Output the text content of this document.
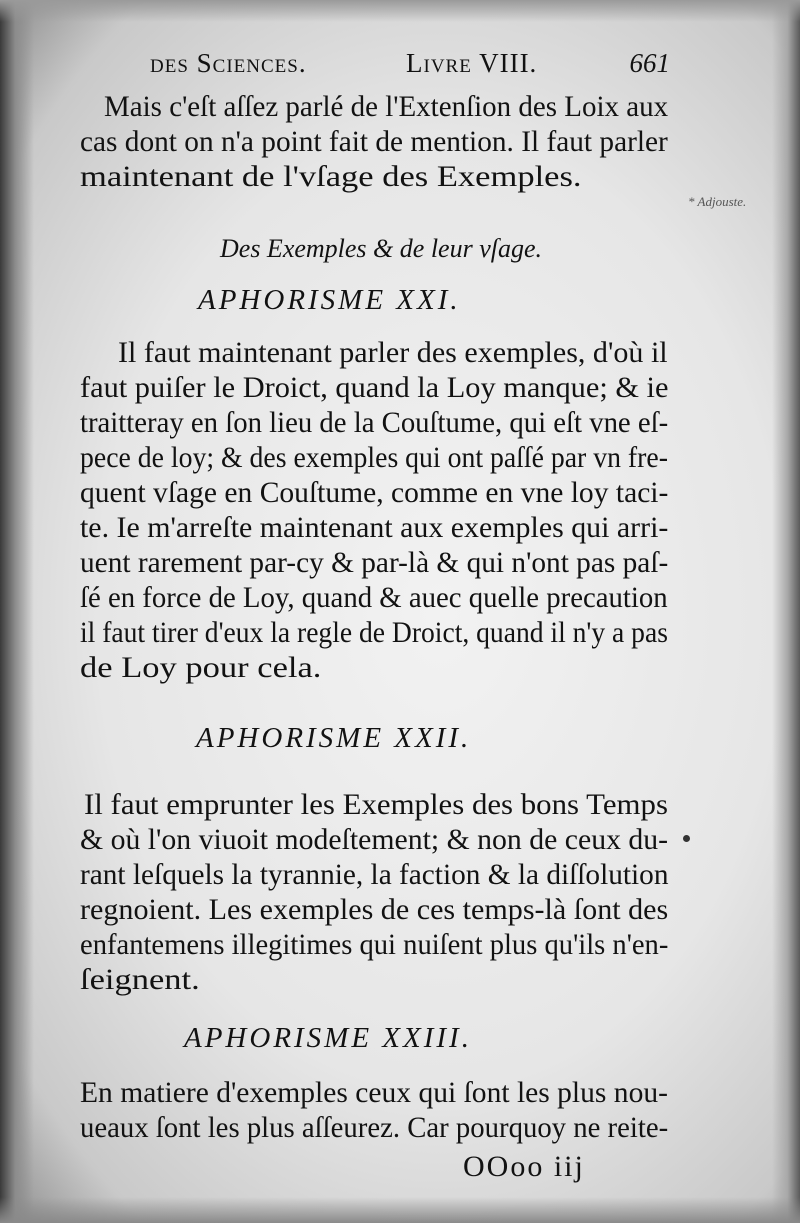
des Sciences.	Livre VIII.	661
* Adjouste.
Mais c'eſt aſſez parlé de l'Extenſion des Loix aux
cas dont on n'a point fait de mention. Il faut parler
maintenant de l'vſage des Exemples.
Des Exemples & de leur vſage.
APHORISME XXI.
Il faut maintenant parler des exemples, d'où il
faut puiſer le Droict, quand la Loy manque; & ie
traitteray en ſon lieu de la Couſtume, qui eſt vne eſ-
pece de loy; & des exemples qui ont paſſé par vn fre-
quent vſage en Couſtume, comme en vne loy taci-
te. Ie m'arreſte maintenant aux exemples qui arri-
uent rarement par-cy & par-là & qui n'ont pas paſ-
ſé en force de Loy, quand & auec quelle precaution
il faut tirer d'eux la regle de Droict, quand il n'y a pas
de Loy pour cela.
APHORISME XXII.
Il faut emprunter les Exemples des bons Temps
& où l'on viuoit modeſtement; & non de ceux du-
rant leſquels la tyrannie, la faction & la diſſolution
regnoient. Les exemples de ces temps-là ſont des
enfantemens illegitimes qui nuiſent plus qu'ils n'en-
ſeignent.
APHORISME XXIII.
En matiere d'exemples ceux qui ſont les plus nou-
ueaux ſont les plus aſſeurez. Car pourquoy ne reite-
OOoo iij
